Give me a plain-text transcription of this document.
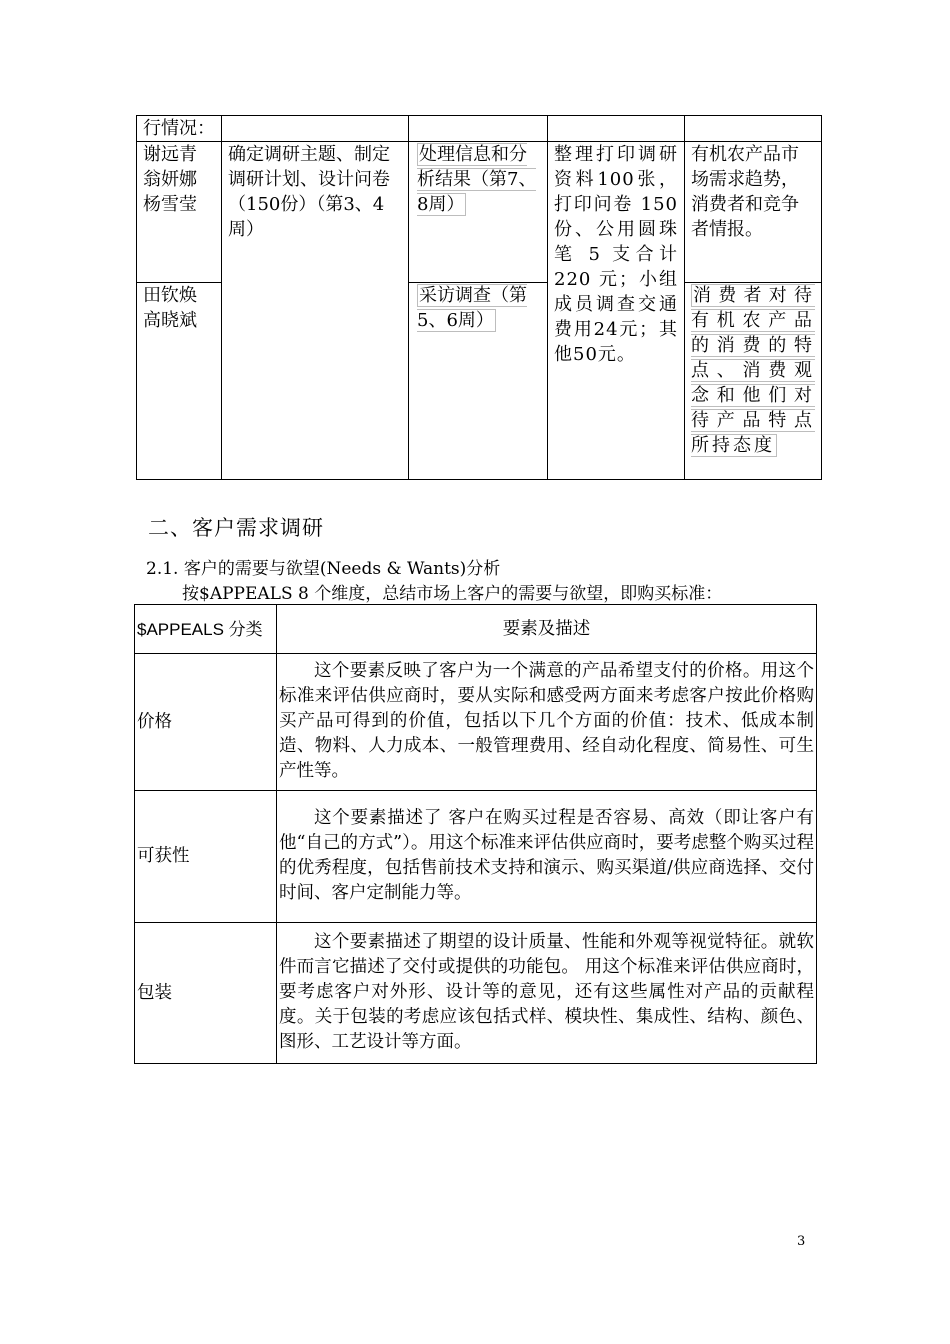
行情况：				

谢远青
翁妍娜
杨雪莹	确定调研主题、制定调研计划、设计问卷（150份）（第3、4周）	处理信息和分析结果（第7、8周）	整理打印调研资料100张，打印问卷 150 份、公用圆珠笔 5 支合计 220 元；小组成员调查交通费用24元；其他50元。	有机农产品市场需求趋势，消费者和竞争者情报。

田钦焕
高晓斌		采访调查（第5、6周）		消费者对待有机农产品的消费的特点、消费观念和他们对待产品特点所持态度
二、客户需求调研
2.1. 客户的需要与欲望(Needs & Wants)分析
按$APPEALS 8 个维度，总结市场上客户的需要与欲望，即购买标准：
$APPEALS 分类	要素及描述
价格	这个要素反映了客户为一个满意的产品希望支付的价格。用这个标准来评估供应商时，要从实际和感受两方面来考虑客户按此价格购买产品可得到的价值，包括以下几个方面的价值：技术、低成本制造、物料、人力成本、一般管理费用、经自动化程度、简易性、可生产性等。
可获性	这个要素描述了 客户在购买过程是否容易、高效（即让客户有他“自己的方式”）。用这个标准来评估供应商时，要考虑整个购买过程的优秀程度，包括售前技术支持和演示、购买渠道/供应商选择、交付时间、客户定制能力等。
包装	这个要素描述了期望的设计质量、性能和外观等视觉特征。就软件而言它描述了交付或提供的功能包。 用这个标准来评估供应商时， 要考虑客户对外形、设计等的意见，还有这些属性对产品的贡献程度。关于包装的考虑应该包括式样、模块性、集成性、结构、颜色、图形、工艺设计等方面。
3
